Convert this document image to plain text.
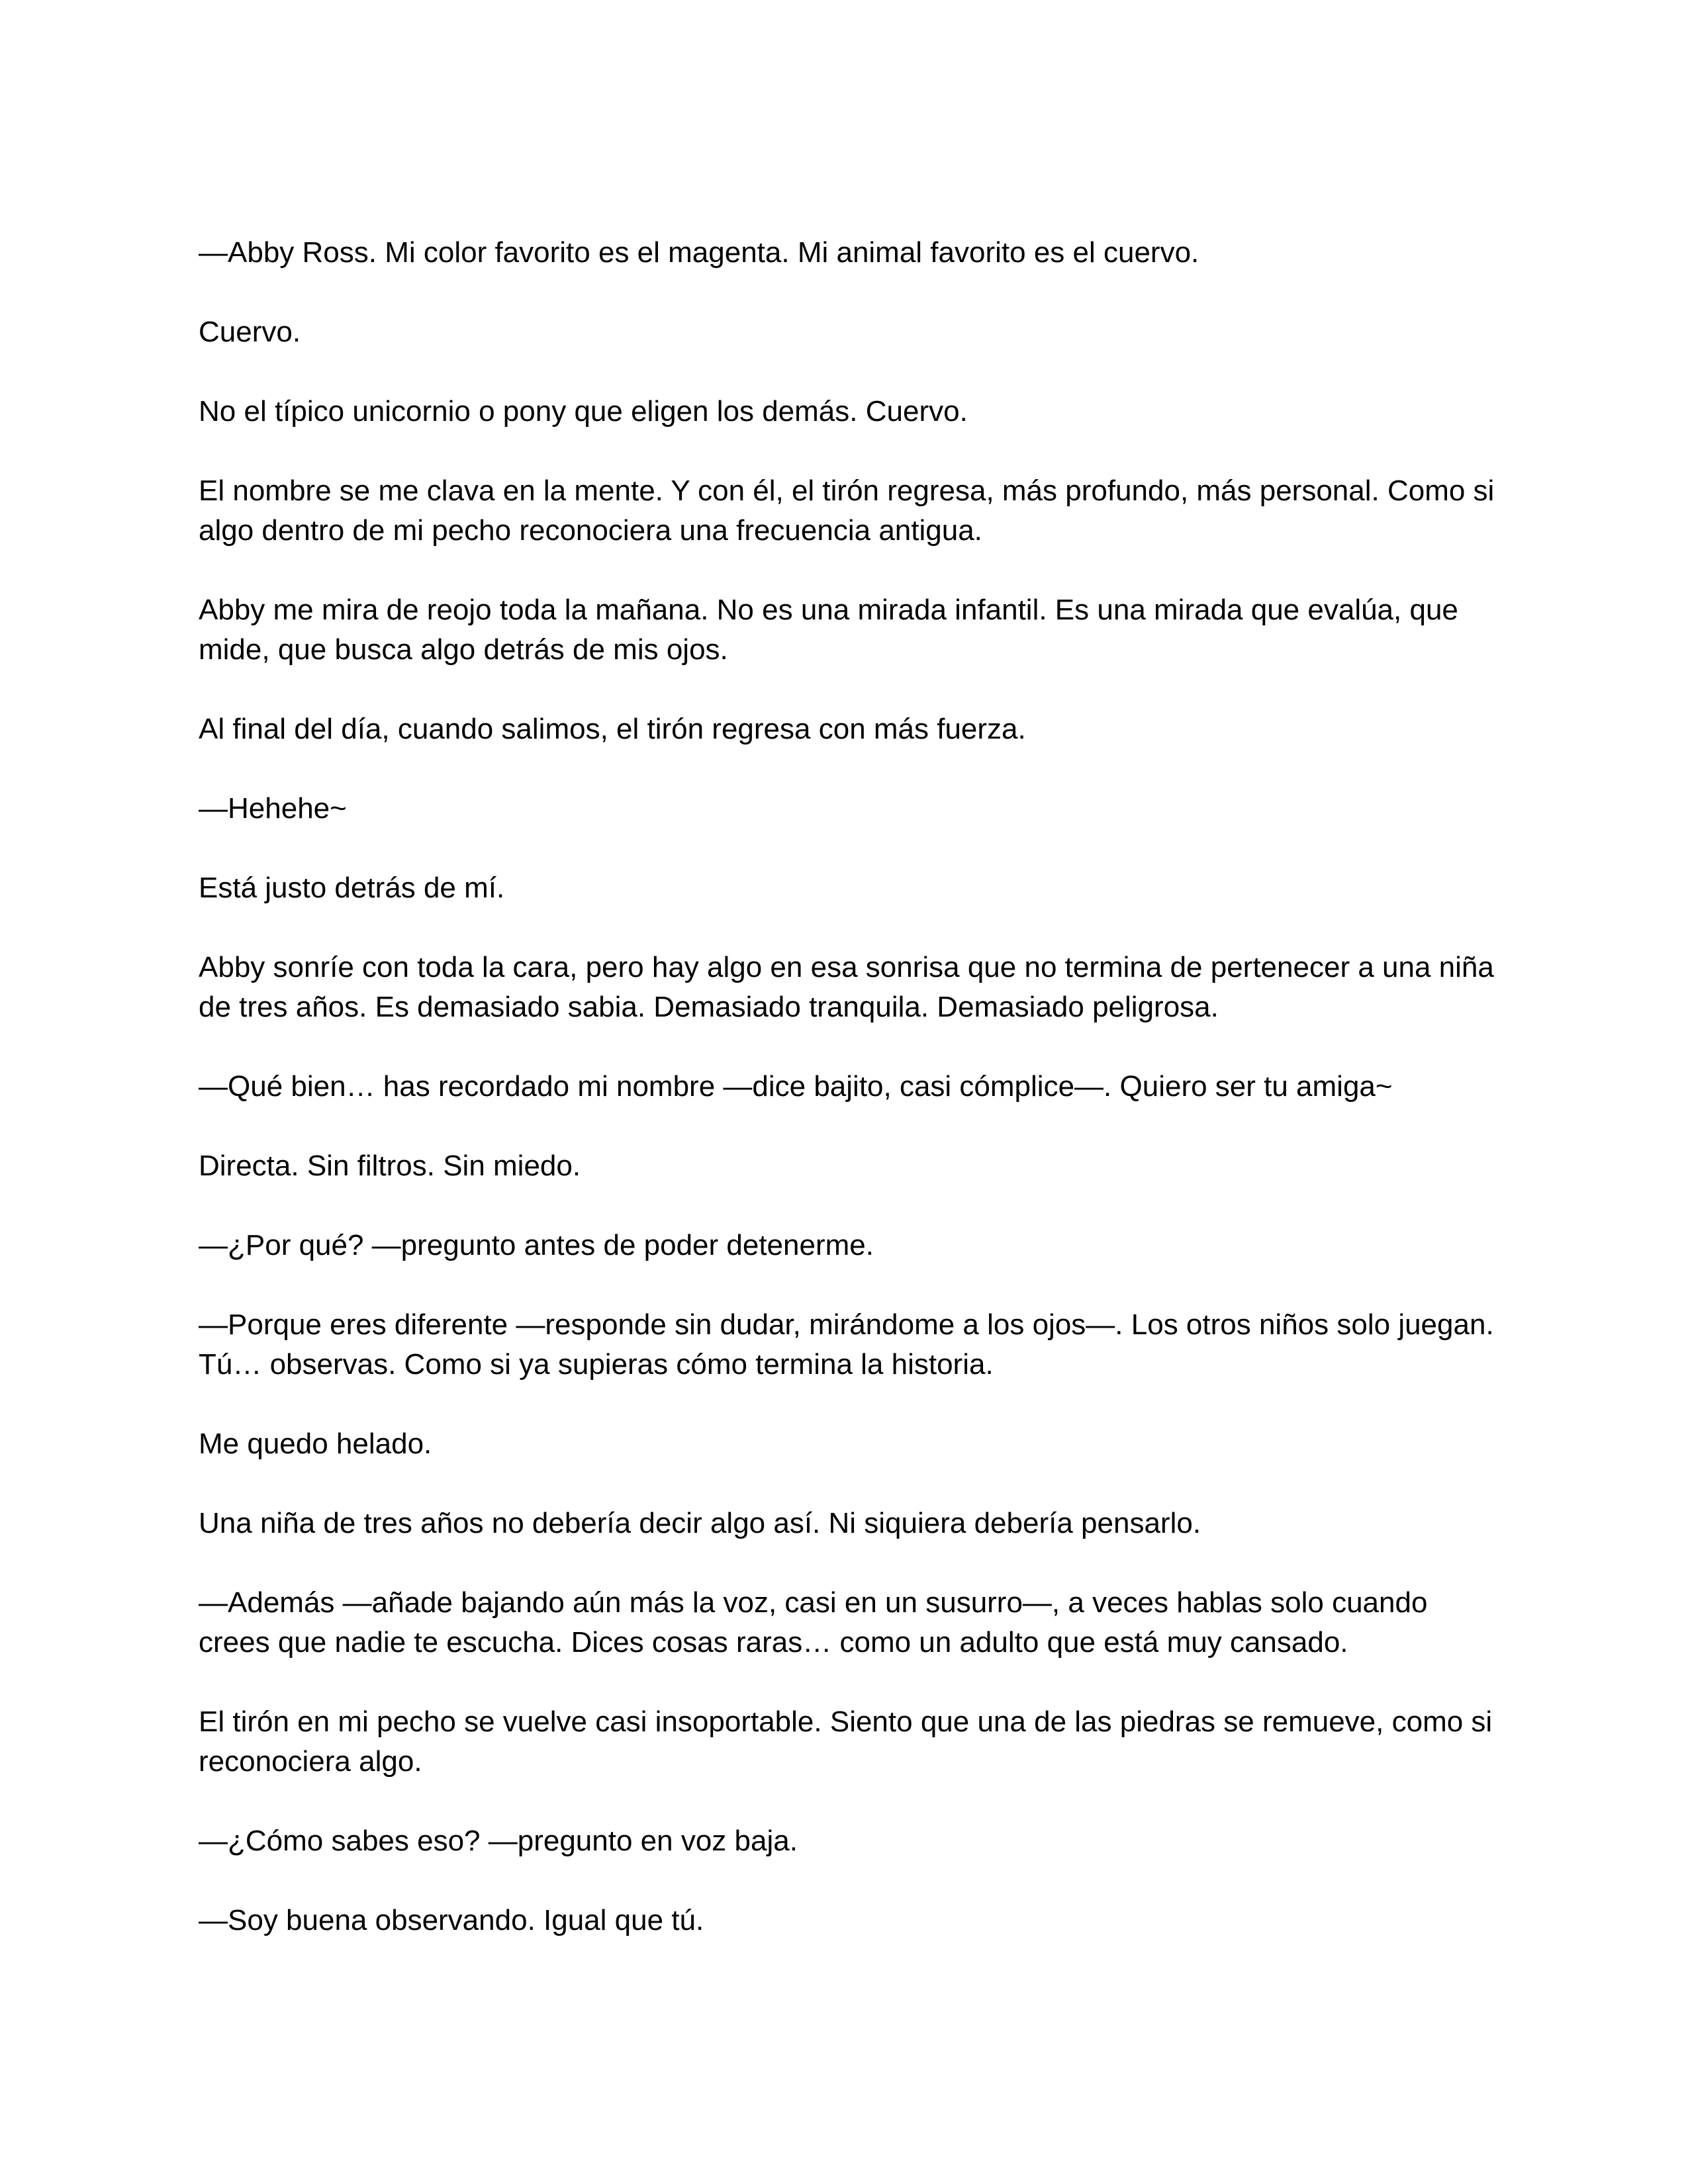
—Abby Ross. Mi color favorito es el magenta. Mi animal favorito es el cuervo.

Cuervo.

No el típico unicornio o pony que eligen los demás. Cuervo.

El nombre se me clava en la mente. Y con él, el tirón regresa, más profundo, más personal. Como si algo dentro de mi pecho reconociera una frecuencia antigua.

Abby me mira de reojo toda la mañana. No es una mirada infantil. Es una mirada que evalúa, que mide, que busca algo detrás de mis ojos.

Al final del día, cuando salimos, el tirón regresa con más fuerza.

—Hehehe~

Está justo detrás de mí.

Abby sonríe con toda la cara, pero hay algo en esa sonrisa que no termina de pertenecer a una niña de tres años. Es demasiado sabia. Demasiado tranquila. Demasiado peligrosa.

—Qué bien… has recordado mi nombre —dice bajito, casi cómplice—. Quiero ser tu amiga~

Directa. Sin filtros. Sin miedo.

—¿Por qué? —pregunto antes de poder detenerme.

—Porque eres diferente —responde sin dudar, mirándome a los ojos—. Los otros niños solo juegan. Tú… observas. Como si ya supieras cómo termina la historia.

Me quedo helado.

Una niña de tres años no debería decir algo así. Ni siquiera debería pensarlo.

—Además —añade bajando aún más la voz, casi en un susurro—, a veces hablas solo cuando crees que nadie te escucha. Dices cosas raras… como un adulto que está muy cansado.

El tirón en mi pecho se vuelve casi insoportable. Siento que una de las piedras se remueve, como si reconociera algo.

—¿Cómo sabes eso? —pregunto en voz baja.

—Soy buena observando. Igual que tú.
